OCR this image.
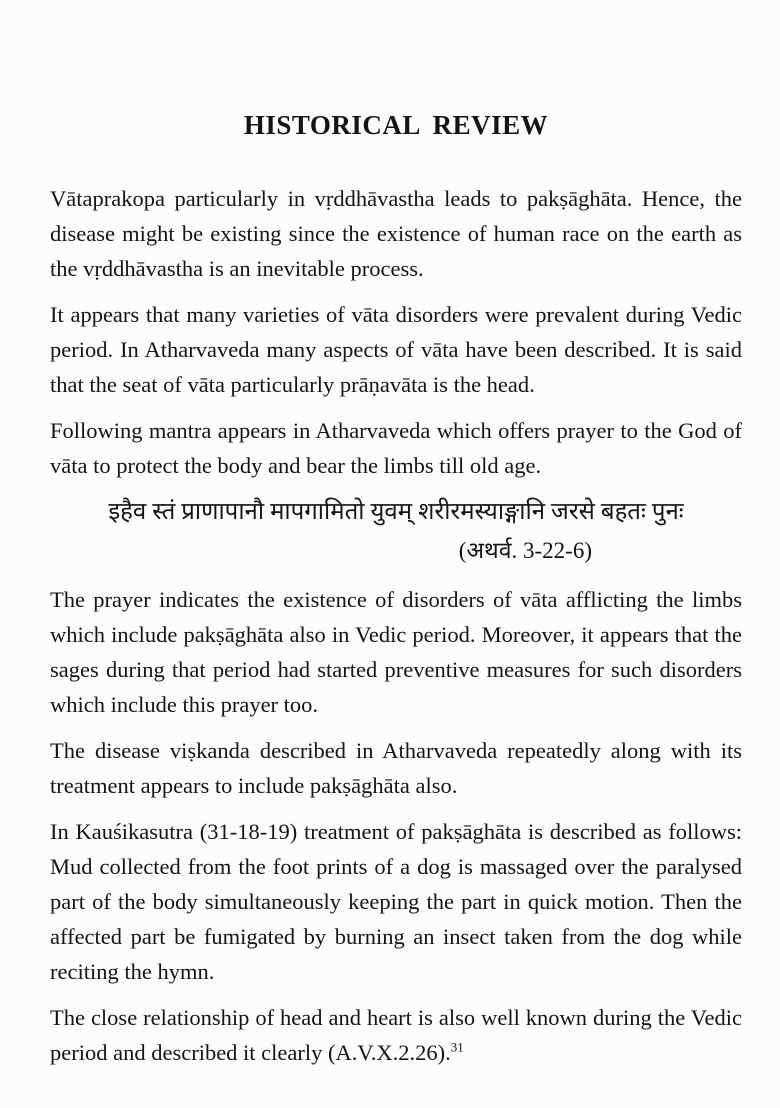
HISTORICAL REVIEW

Vātaprakopa particularly in vṛddhāvastha leads to pakṣāghāta. Hence, the disease might be existing since the existence of human race on the earth as the vṛddhāvastha is an inevitable process.

It appears that many varieties of vāta disorders were prevalent during Vedic period. In Atharvaveda many aspects of vāta have been described. It is said that the seat of vāta particularly prāṇavāta is the head.

Following mantra appears in Atharvaveda which offers prayer to the God of vāta to protect the body and bear the limbs till old age.

इहैव स्तं प्राणापानौ मापगामितो युवम् शरीरमस्याङ्गानि जरसे बहतः पुनः
(अथर्व. 3-22-6)

The prayer indicates the existence of disorders of vāta afflicting the limbs which include pakṣāghāta also in Vedic period. Moreover, it appears that the sages during that period had started preventive measures for such disorders which include this prayer too.

The disease viṣkanda described in Atharvaveda repeatedly along with its treatment appears to include pakṣāghāta also.

In Kauśikasutra (31-18-19) treatment of pakṣāghāta is described as follows: Mud collected from the foot prints of a dog is massaged over the paralysed part of the body simultaneously keeping the part in quick motion. Then the affected part be fumigated by burning an insect taken from the dog while reciting the hymn.

The close relationship of head and heart is also well known during the Vedic period and described it clearly (A.V.X.2.26).$^{31}$
